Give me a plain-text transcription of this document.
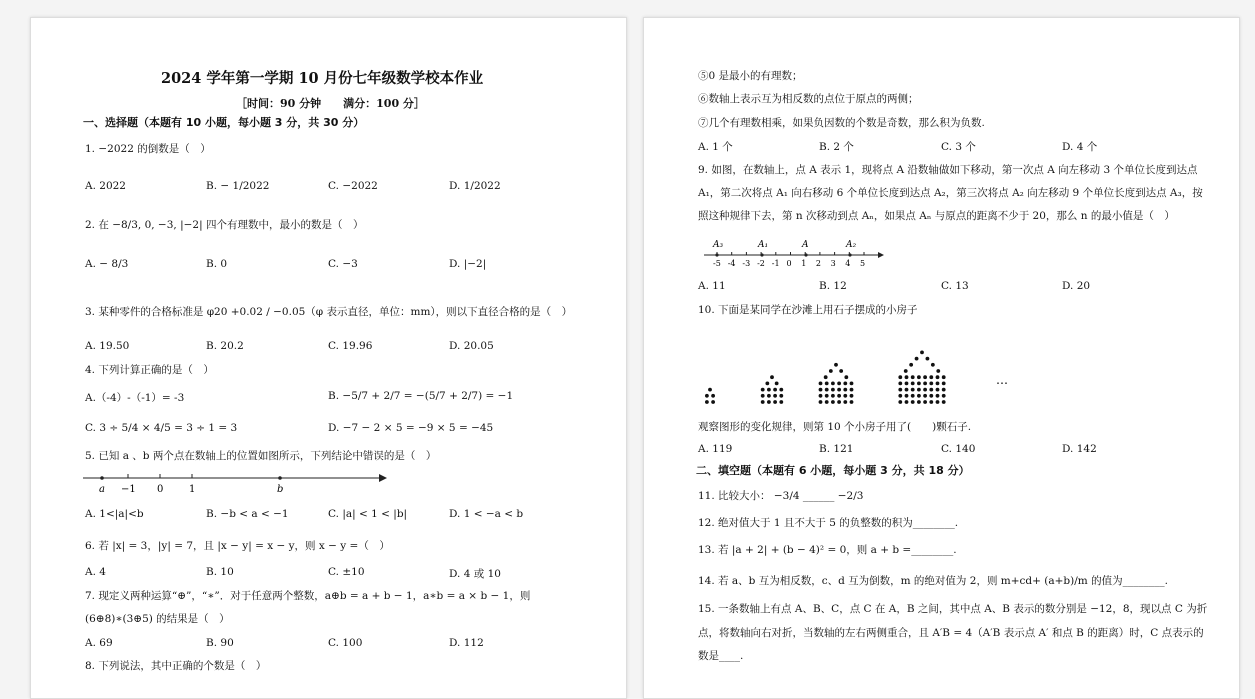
2024 学年第一学期 10 月份七年级数学校本作业
［时间：90 分钟　　满分：100 分］
一、选择题（本题有 10 小题，每小题 3 分，共 30 分）
1. −2022 的倒数是（　）
A. 2022	B. − 1/2022	C. −2022	D. 1/2022
2. 在 −8/3, 0, −3, |−2| 四个有理数中，最小的数是（　）
A. − 8/3	B. 0	C. −3	D. |−2|
3. 某种零件的合格标准是 φ20 +0.02 / −0.05（φ 表示直径，单位：mm），则以下直径合格的是（　）
A. 19.50	B. 20.2	C. 19.96	D. 20.05
4. 下列计算正确的是（　）
A.（-4）-（-1）= -3	B. −5/7 + 2/7 = −(5/7 + 2/7) = −1
C. 3 ÷ 5/4 × 4/5 = 3 ÷ 1 = 3	D. −7 − 2 × 5 = −9 × 5 = −45
5. 已知 a 、b 两个点在数轴上的位置如图所示，下列结论中错误的是（　）
a −1 0	1	b
A. 1<|a|<b	B. −b < a < −1	C. |a| < 1 < |b|	D. 1 < −a < b
6. 若 |x| = 3，|y| = 7，且 |x − y| = x − y，则 x − y =（　）
A. 4	B. 10	C. ±10	D. 4 或 10
7. 现定义两种运算“⊕”，“∗”．对于任意两个整数，a⊕b = a + b − 1，a∗b = a × b − 1，则
(6⊕8)∗(3⊕5) 的结果是（　）
A. 69	B. 90	C. 100	D. 112
8. 下列说法，其中正确的个数是（　）
⑤0 是最小的有理数；
⑥数轴上表示互为相反数的点位于原点的两侧；
⑦几个有理数相乘，如果负因数的个数是奇数，那么积为负数.
A. 1 个	B. 2 个	C. 3 个	D. 4 个
9. 如图，在数轴上，点 A 表示 1，现将点 A 沿数轴做如下移动，第一次点 A 向左移动 3 个单位长度到达点
A₁，第二次将点 A₁ 向右移动 6 个单位长度到达点 A₂，第三次将点 A₂ 向左移动 9 个单位长度到达点 A₃，按
照这种规律下去，第 n 次移动到点 Aₙ，如果点 Aₙ 与原点的距离不少于 20，那么 n 的最小值是（　）
-5 -4 -3 -2 -1 0 1 2 3 4 5
A₃	A₁	A	A₂
A. 11	B. 12	C. 13	D. 20
10. 下面是某同学在沙滩上用石子摆成的小房子
…
观察图形的变化规律，则第 10 个小房子用了(　　)颗石子.
A. 119	B. 121	C. 140	D. 142
二、填空题（本题有 6 小题，每小题 3 分，共 18 分）
11. 比较大小： −3/4 ______ −2/3
12. 绝对值大于 1 且不大于 5 的负整数的积为________.
13. 若 |a + 2| + (b − 4)² = 0，则 a + b =________.
14. 若 a、b 互为相反数，c、d 互为倒数，m 的绝对值为 2，则 m+cd+ (a+b)/m 的值为________.
15. 一条数轴上有点 A、B、C，点 C 在 A，B 之间，其中点 A、B 表示的数分别是 −12，8，现以点 C 为折
点，将数轴向右对折，当数轴的左右两侧重合，且 A′B = 4（A′B 表示点 A′ 和点 B 的距离）时，C 点表示的
数是____.
